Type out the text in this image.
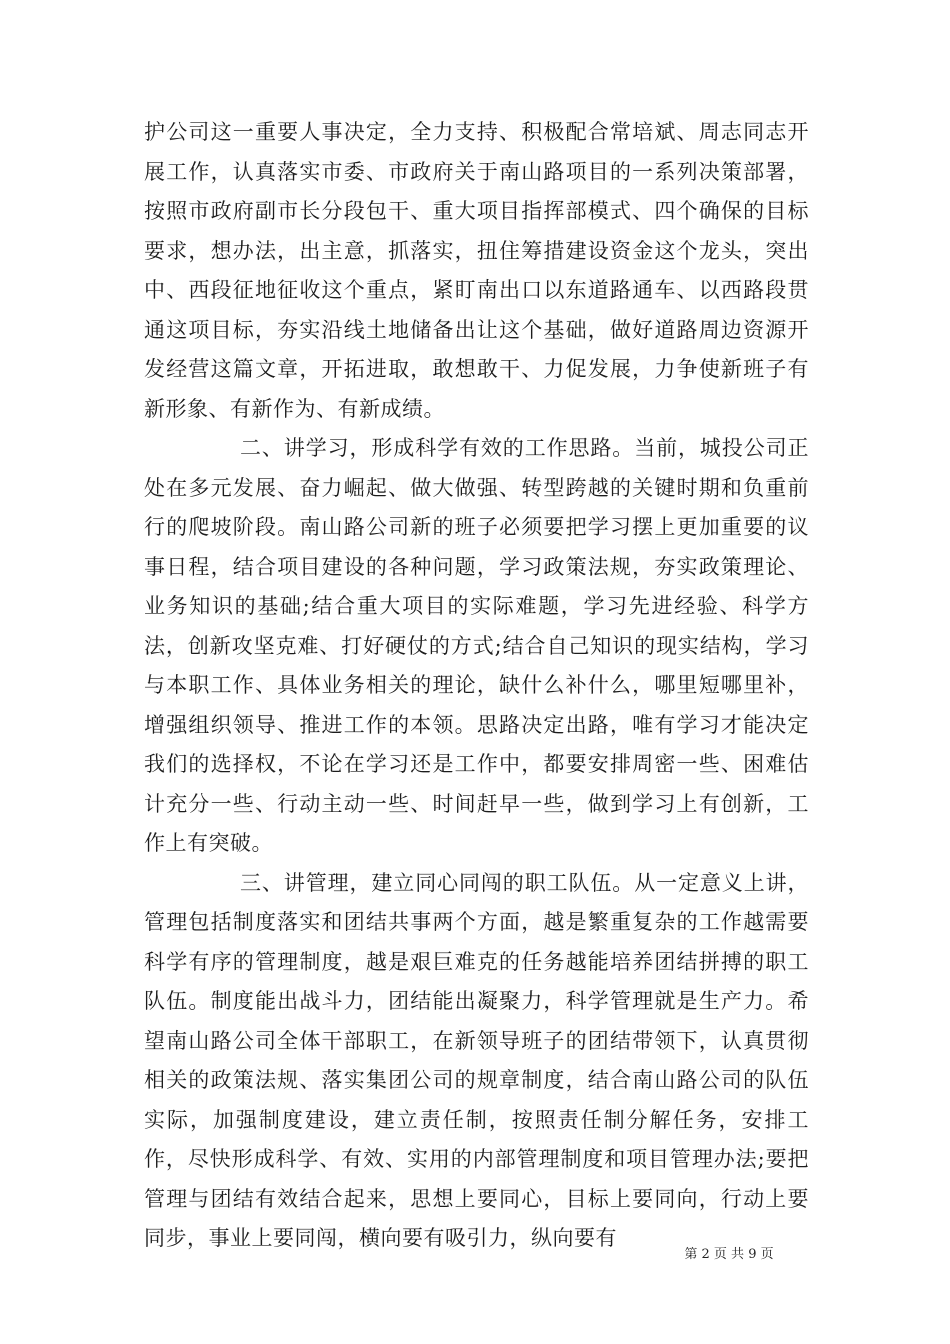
护公司这一重要人事决定，全力支持、积极配合常培斌、周志同志开展工作，认真落实市委、市政府关于南山路项目的一系列决策部署，按照市政府副市长分段包干、重大项目指挥部模式、四个确保的目标要求，想办法，出主意，抓落实，扭住筹措建设资金这个龙头，突出中、西段征地征收这个重点，紧盯南出口以东道路通车、以西路段贯通这项目标，夯实沿线土地储备出让这个基础，做好道路周边资源开发经营这篇文章，开拓进取，敢想敢干、力促发展，力争使新班子有新形象、有新作为、有新成绩。

二、讲学习，形成科学有效的工作思路。当前，城投公司正处在多元发展、奋力崛起、做大做强、转型跨越的关键时期和负重前行的爬坡阶段。南山路公司新的班子必须要把学习摆上更加重要的议事日程，结合项目建设的各种问题，学习政策法规，夯实政策理论、业务知识的基础;结合重大项目的实际难题，学习先进经验、科学方法，创新攻坚克难、打好硬仗的方式;结合自己知识的现实结构，学习与本职工作、具体业务相关的理论，缺什么补什么，哪里短哪里补，增强组织领导、推进工作的本领。思路决定出路，唯有学习才能决定我们的选择权，不论在学习还是工作中，都要安排周密一些、困难估计充分一些、行动主动一些、时间赶早一些，做到学习上有创新，工作上有突破。

三、讲管理，建立同心同闯的职工队伍。从一定意义上讲，管理包括制度落实和团结共事两个方面，越是繁重复杂的工作越需要科学有序的管理制度，越是艰巨难克的任务越能培养团结拼搏的职工队伍。制度能出战斗力，团结能出凝聚力，科学管理就是生产力。希望南山路公司全体干部职工，在新领导班子的团结带领下，认真贯彻相关的政策法规、落实集团公司的规章制度，结合南山路公司的队伍实际，加强制度建设，建立责任制，按照责任制分解任务，安排工作，尽快形成科学、有效、实用的内部管理制度和项目管理办法;要把管理与团结有效结合起来，思想上要同心，目标上要同向，行动上要同步，事业上要同闯，横向要有吸引力，纵向要有

第 2 页 共 9 页
